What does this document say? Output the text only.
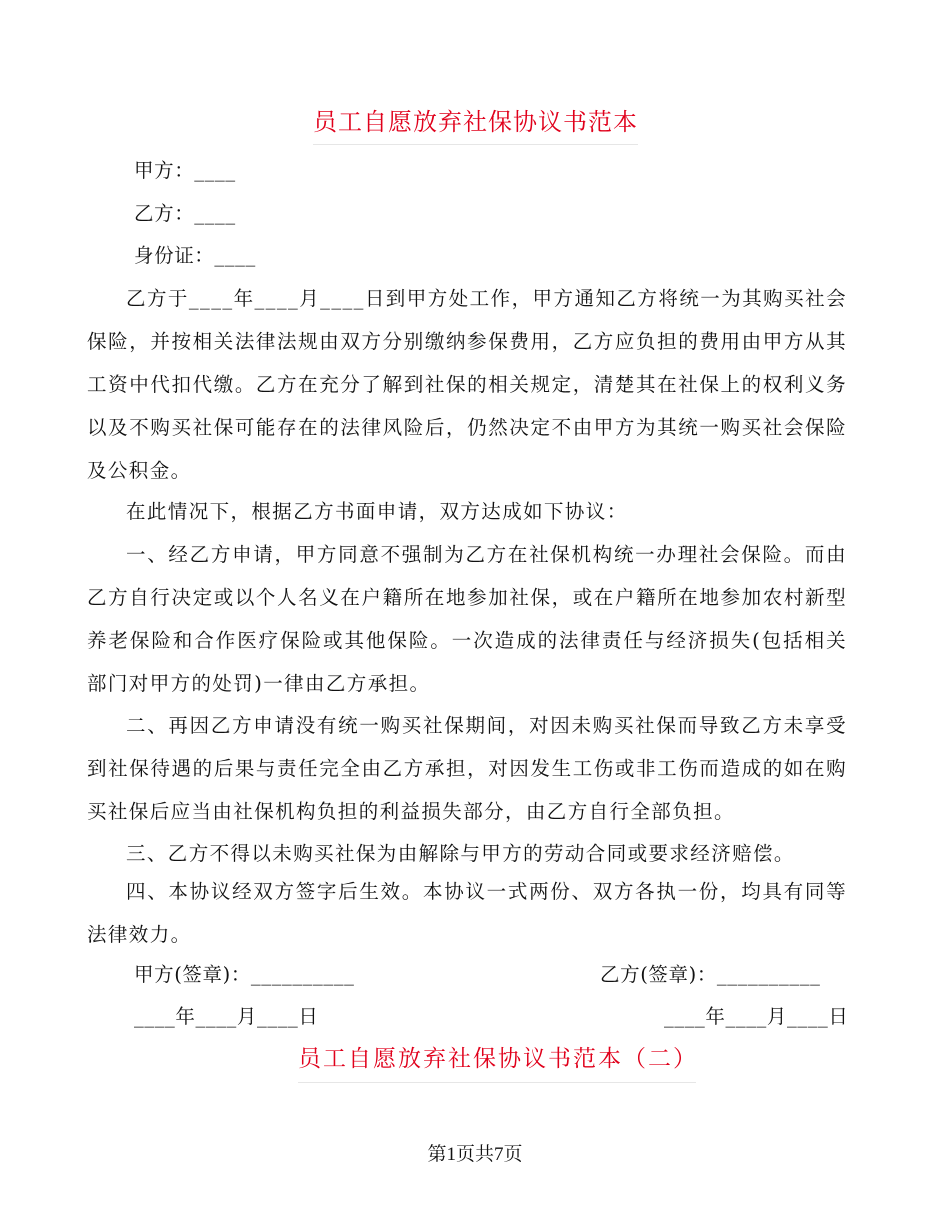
员工自愿放弃社保协议书范本
甲方：____
乙方：____
身份证：____
乙方于____年____月____日到甲方处工作，甲方通知乙方将统一为其购买社会保险，并按相关法律法规由双方分别缴纳参保费用，乙方应负担的费用由甲方从其工资中代扣代缴。乙方在充分了解到社保的相关规定，清楚其在社保上的权利义务以及不购买社保可能存在的法律风险后，仍然决定不由甲方为其统一购买社会保险及公积金。
在此情况下，根据乙方书面申请，双方达成如下协议：
一、经乙方申请，甲方同意不强制为乙方在社保机构统一办理社会保险。而由乙方自行决定或以个人名义在户籍所在地参加社保，或在户籍所在地参加农村新型养老保险和合作医疗保险或其他保险。一次造成的法律责任与经济损失(包括相关部门对甲方的处罚)一律由乙方承担。
二、再因乙方申请没有统一购买社保期间，对因未购买社保而导致乙方未享受到社保待遇的后果与责任完全由乙方承担，对因发生工伤或非工伤而造成的如在购买社保后应当由社保机构负担的利益损失部分，由乙方自行全部负担。
三、乙方不得以未购买社保为由解除与甲方的劳动合同或要求经济赔偿。
四、本协议经双方签字后生效。本协议一式两份、双方各执一份，均具有同等法律效力。
甲方(签章)：__________	乙方(签章)：__________
____年____月____日	____年____月____日
员工自愿放弃社保协议书范本（二）
第1页共7页
